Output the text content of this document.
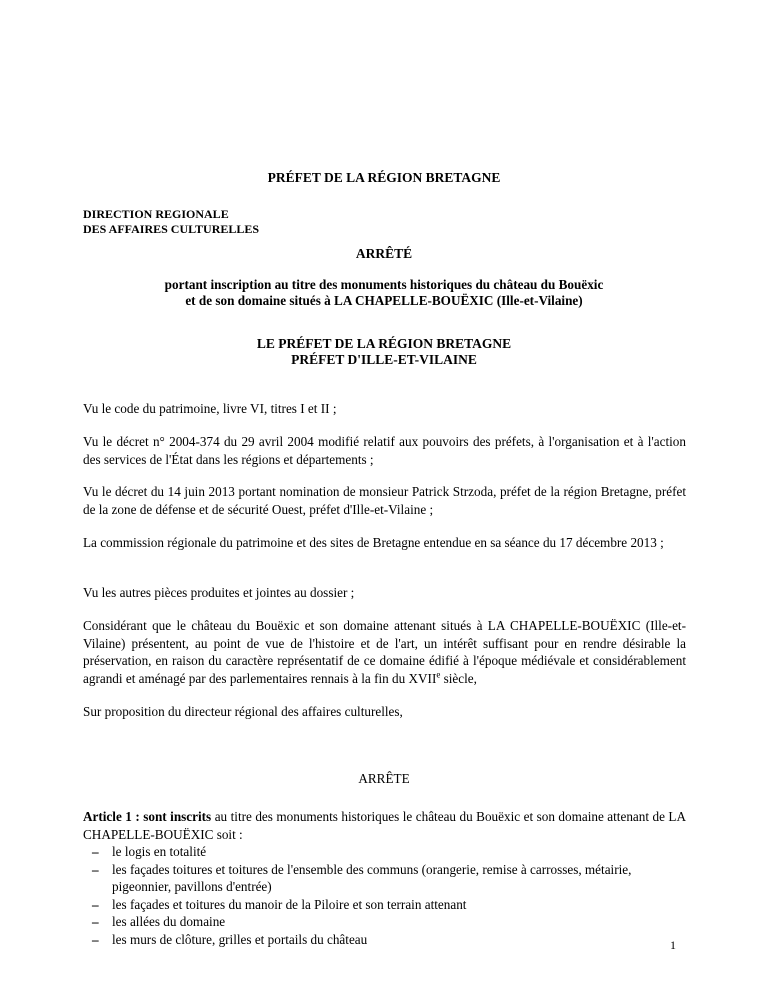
PRÉFET DE LA RÉGION BRETAGNE
DIRECTION REGIONALE
DES AFFAIRES CULTURELLES
ARRÊTÉ
portant inscription au titre des monuments historiques du château du Bouëxic
et de son domaine situés à LA CHAPELLE-BOUËXIC (Ille-et-Vilaine)
LE PRÉFET DE LA RÉGION BRETAGNE
PRÉFET D'ILLE-ET-VILAINE
Vu le code du patrimoine, livre VI, titres I et II ;
Vu le décret n° 2004-374 du 29 avril 2004 modifié relatif aux pouvoirs des préfets, à l'organisation et à l'action des services de l'État dans les régions et départements ;
Vu le décret du 14 juin 2013 portant nomination de monsieur Patrick Strzoda, préfet de la région Bretagne, préfet de la zone de défense et de sécurité Ouest, préfet d'Ille-et-Vilaine ;
La commission régionale du patrimoine et des sites de Bretagne entendue en sa séance du 17 décembre 2013 ;
Vu les autres pièces produites et jointes au dossier ;
Considérant que le château du Bouëxic et son domaine attenant situés à LA CHAPELLE-BOUËXIC (Ille-et-Vilaine) présentent, au point de vue de l'histoire et de l'art, un intérêt suffisant pour en rendre désirable la préservation, en raison du caractère représentatif de ce domaine édifié à l'époque médiévale et considérablement agrandi et aménagé par des parlementaires rennais à la fin du XVIIe siècle,
Sur proposition du directeur régional des affaires culturelles,
ARRÊTE
Article 1 : sont inscrits au titre des monuments historiques le château du Bouëxic et son domaine attenant de LA CHAPELLE-BOUËXIC soit :
– le logis en totalité
– les façades toitures et toitures de l'ensemble des communs (orangerie, remise à carrosses, métairie, pigeonnier, pavillons d'entrée)
– les façades et toitures du manoir de la Piloire et son terrain attenant
– les allées du domaine
– les murs de clôture, grilles et portails du château	1
